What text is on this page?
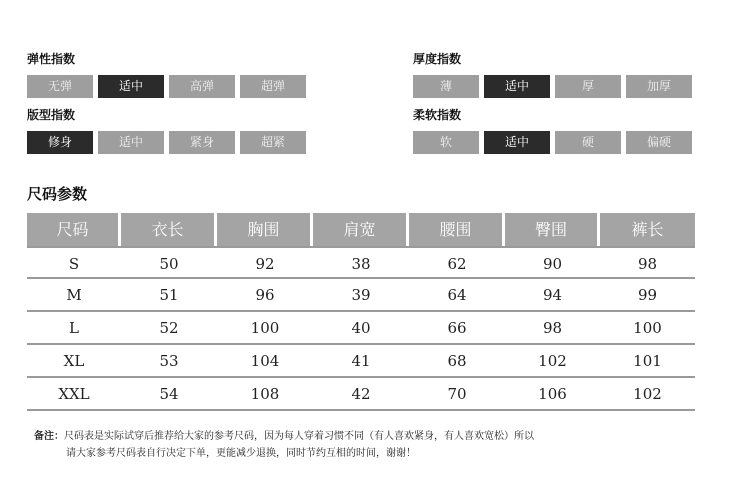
弹性指数
无弹	适中	高弹	超弹
版型指数
修身	适中	紧身	超紧
厚度指数
薄	适中	厚	加厚
柔软指数
软	适中	硬	偏硬
尺码参数
尺码	衣长	胸围	肩宽	腰围	臀围	裤长
S	50	92	38	62	90	98
M	51	96	39	64	94	99
L	52	100	40	66	98	100
XL	53	104	41	68	102	101
XXL	54	108	42	70	106	102
备注：尺码表是实际试穿后推荐给大家的参考尺码，因为每人穿着习惯不同（有人喜欢紧身，有人喜欢宽松）所以
请大家参考尺码表自行决定下单，更能减少退换，同时节约互相的时间，谢谢！
